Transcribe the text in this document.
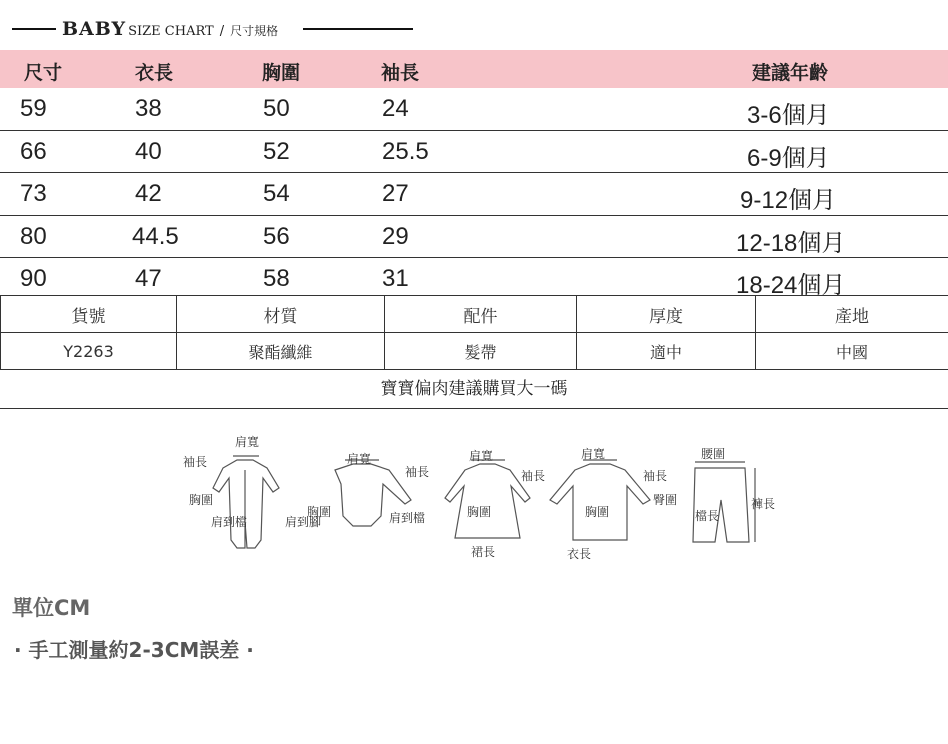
BABY SIZE CHART / 尺寸規格
尺寸	衣長	胸圍	袖長	建議年齡
59	38	50	24	3-6個月
66	40	52	25.5	6-9個月
73	42	54	27	9-12個月
80	44.5	56	29	12-18個月
90	47	58	31	18-24個月
貨號	材質	配件	厚度	產地
Y2263	聚酯纖維	髮帶	適中	中國
寶寶偏肉建議購買大一碼
肩寬
袖長
胸圍
肩到檔	肩到腳
肩寬
袖長
胸圍	肩到檔
肩寬
袖長
胸圍
裙長
肩寬
袖長
胸圍
衣長
腰圍
臀圍
檔長
褲長
單位CM
· 手工測量約2-3CM誤差 ·
